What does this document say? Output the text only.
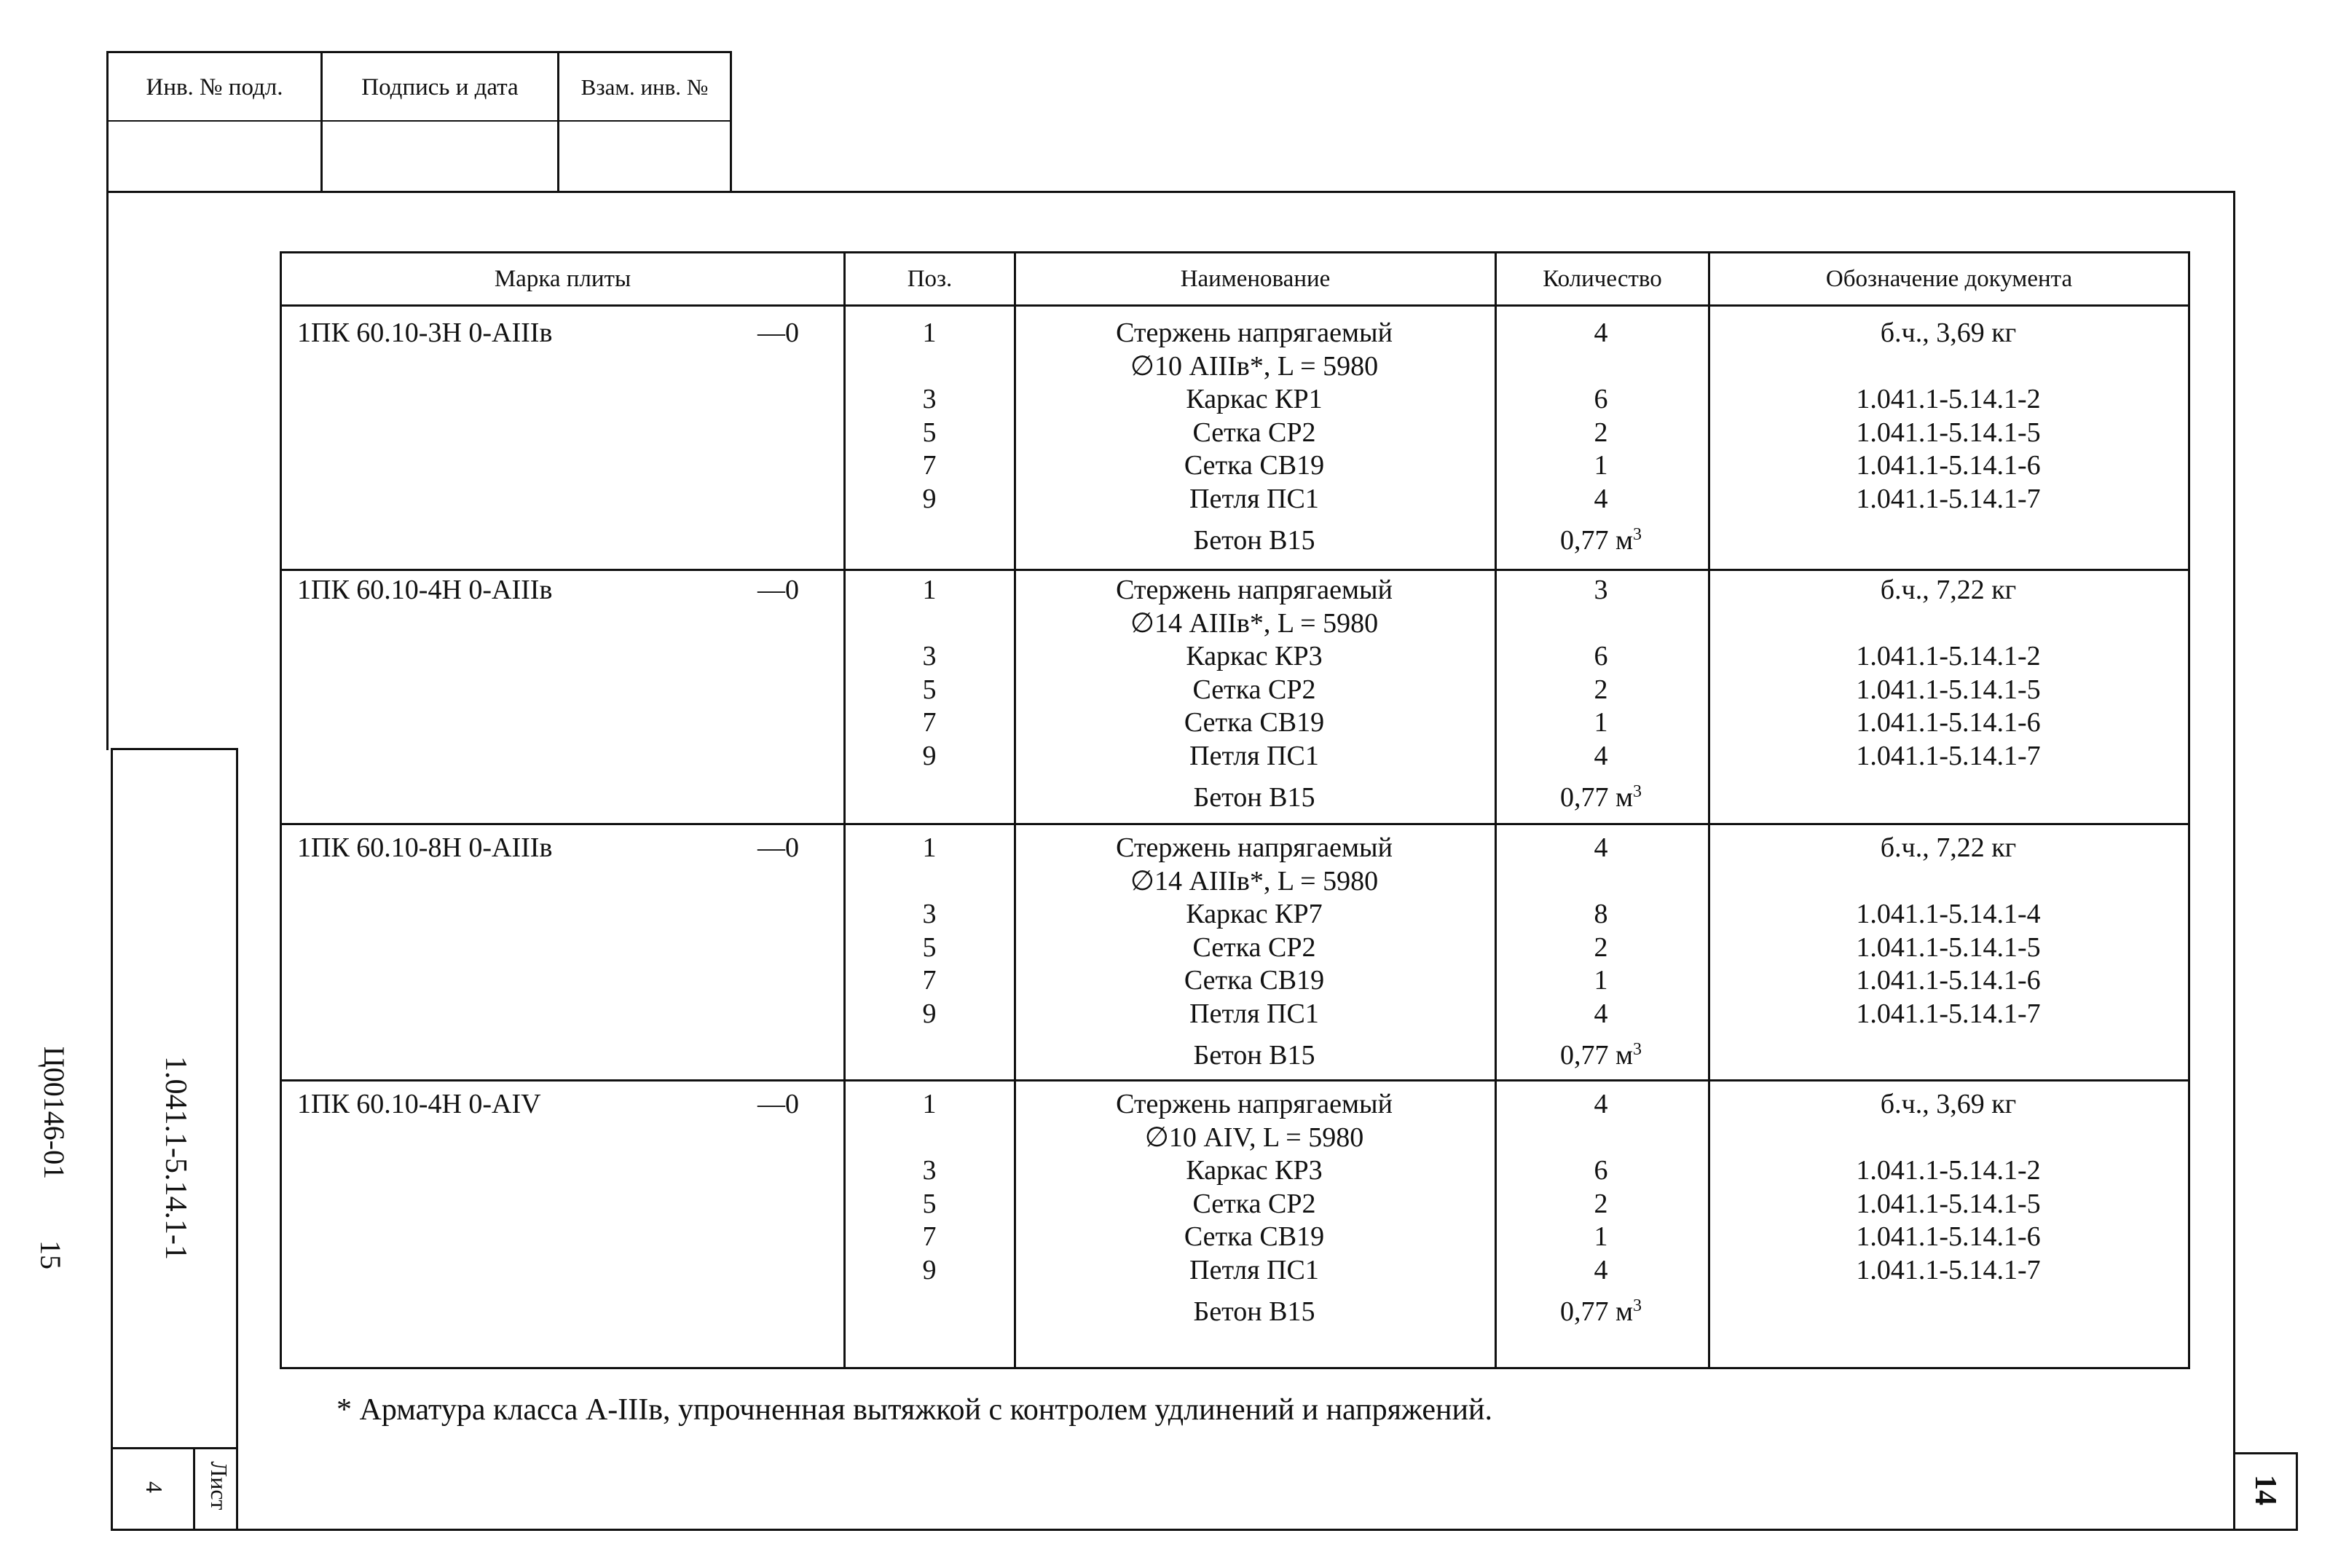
Инв. № подл.	Подпись и дата	Взам. инв. №
1.041.1-5.14.1-1
Ц00146-01
15
Лист
4	14
Марка плиты	Поз.	Наименование	Количество	Обозначение документа
1ПК 60.10-3Н 0-АIIIв	—0	1	Стержень напрягаемый	4	б.ч., 3,69 кг
∅10 АIIIв*, L = 5980
3	Каркас КР1	6	1.041.1-5.14.1-2
5	Сетка СР2	2	1.041.1-5.14.1-5
7	Сетка СВ19	1	1.041.1-5.14.1-6
9	Петля ПС1	4	1.041.1-5.14.1-7
Бетон В15	0,77 $м^3$
1ПК 60.10-4Н 0-АIIIв	—0	1	Стержень напрягаемый	3	б.ч., 7,22 кг
∅14 АIIIв*, L = 5980
3	Каркас КР3	6	1.041.1-5.14.1-2
5	Сетка СР2	2	1.041.1-5.14.1-5
7	Сетка СВ19	1	1.041.1-5.14.1-6
9	Петля ПС1	4	1.041.1-5.14.1-7
Бетон В15	0,77 $м^3$
1ПК 60.10-8Н 0-АIIIв	—0	1	Стержень напрягаемый	4	б.ч., 7,22 кг
∅14 АIIIв*, L = 5980
3	Каркас КР7	8	1.041.1-5.14.1-4
5	Сетка СР2	2	1.041.1-5.14.1-5
7	Сетка СВ19	1	1.041.1-5.14.1-6
9	Петля ПС1	4	1.041.1-5.14.1-7
Бетон В15	0,77 $м^3$
1ПК 60.10-4Н 0-АIV	—0	1	Стержень напрягаемый	4	б.ч., 3,69 кг
∅10 АIV, L = 5980
3	Каркас КР3	6	1.041.1-5.14.1-2
5	Сетка СР2	2	1.041.1-5.14.1-5
7	Сетка СВ19	1	1.041.1-5.14.1-6
9	Петля ПС1	4	1.041.1-5.14.1-7
Бетон В15	0,77 $м^3$
* Арматура класса А-IIIв, упрочненная вытяжкой с контролем удлинений и напряжений.
